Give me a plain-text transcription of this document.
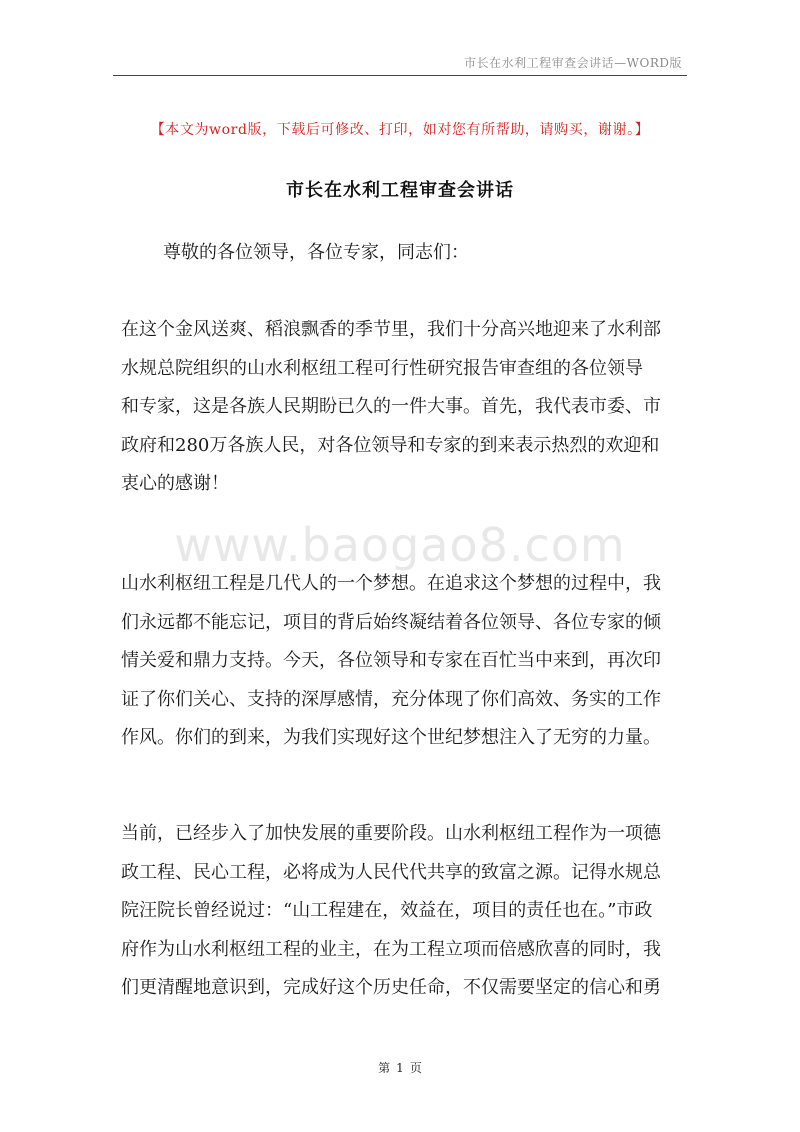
市长在水利工程审查会讲话—WORD版
【本文为word版，下载后可修改、打印，如对您有所帮助，请购买，谢谢。】
市长在水利工程审查会讲话
尊敬的各位领导，各位专家，同志们：
在这个金风送爽、稻浪飘香的季节里，我们十分高兴地迎来了水利部
水规总院组织的山水利枢纽工程可行性研究报告审查组的各位领导
和专家，这是各族人民期盼已久的一件大事。首先，我代表市委、市
政府和280万各族人民，对各位领导和专家的到来表示热烈的欢迎和
衷心的感谢！
www.baogao8.com
山水利枢纽工程是几代人的一个梦想。在追求这个梦想的过程中，我
们永远都不能忘记，项目的背后始终凝结着各位领导、各位专家的倾
情关爱和鼎力支持。今天，各位领导和专家在百忙当中来到，再次印
证了你们关心、支持的深厚感情，充分体现了你们高效、务实的工作
作风。你们的到来，为我们实现好这个世纪梦想注入了无穷的力量。
当前，已经步入了加快发展的重要阶段。山水利枢纽工程作为一项德
政工程、民心工程，必将成为人民代代共享的致富之源。记得水规总
院汪院长曾经说过：“山工程建在，效益在，项目的责任也在。”市政
府作为山水利枢纽工程的业主，在为工程立项而倍感欣喜的同时，我
们更清醒地意识到，完成好这个历史任命，不仅需要坚定的信心和勇
第 1 页
